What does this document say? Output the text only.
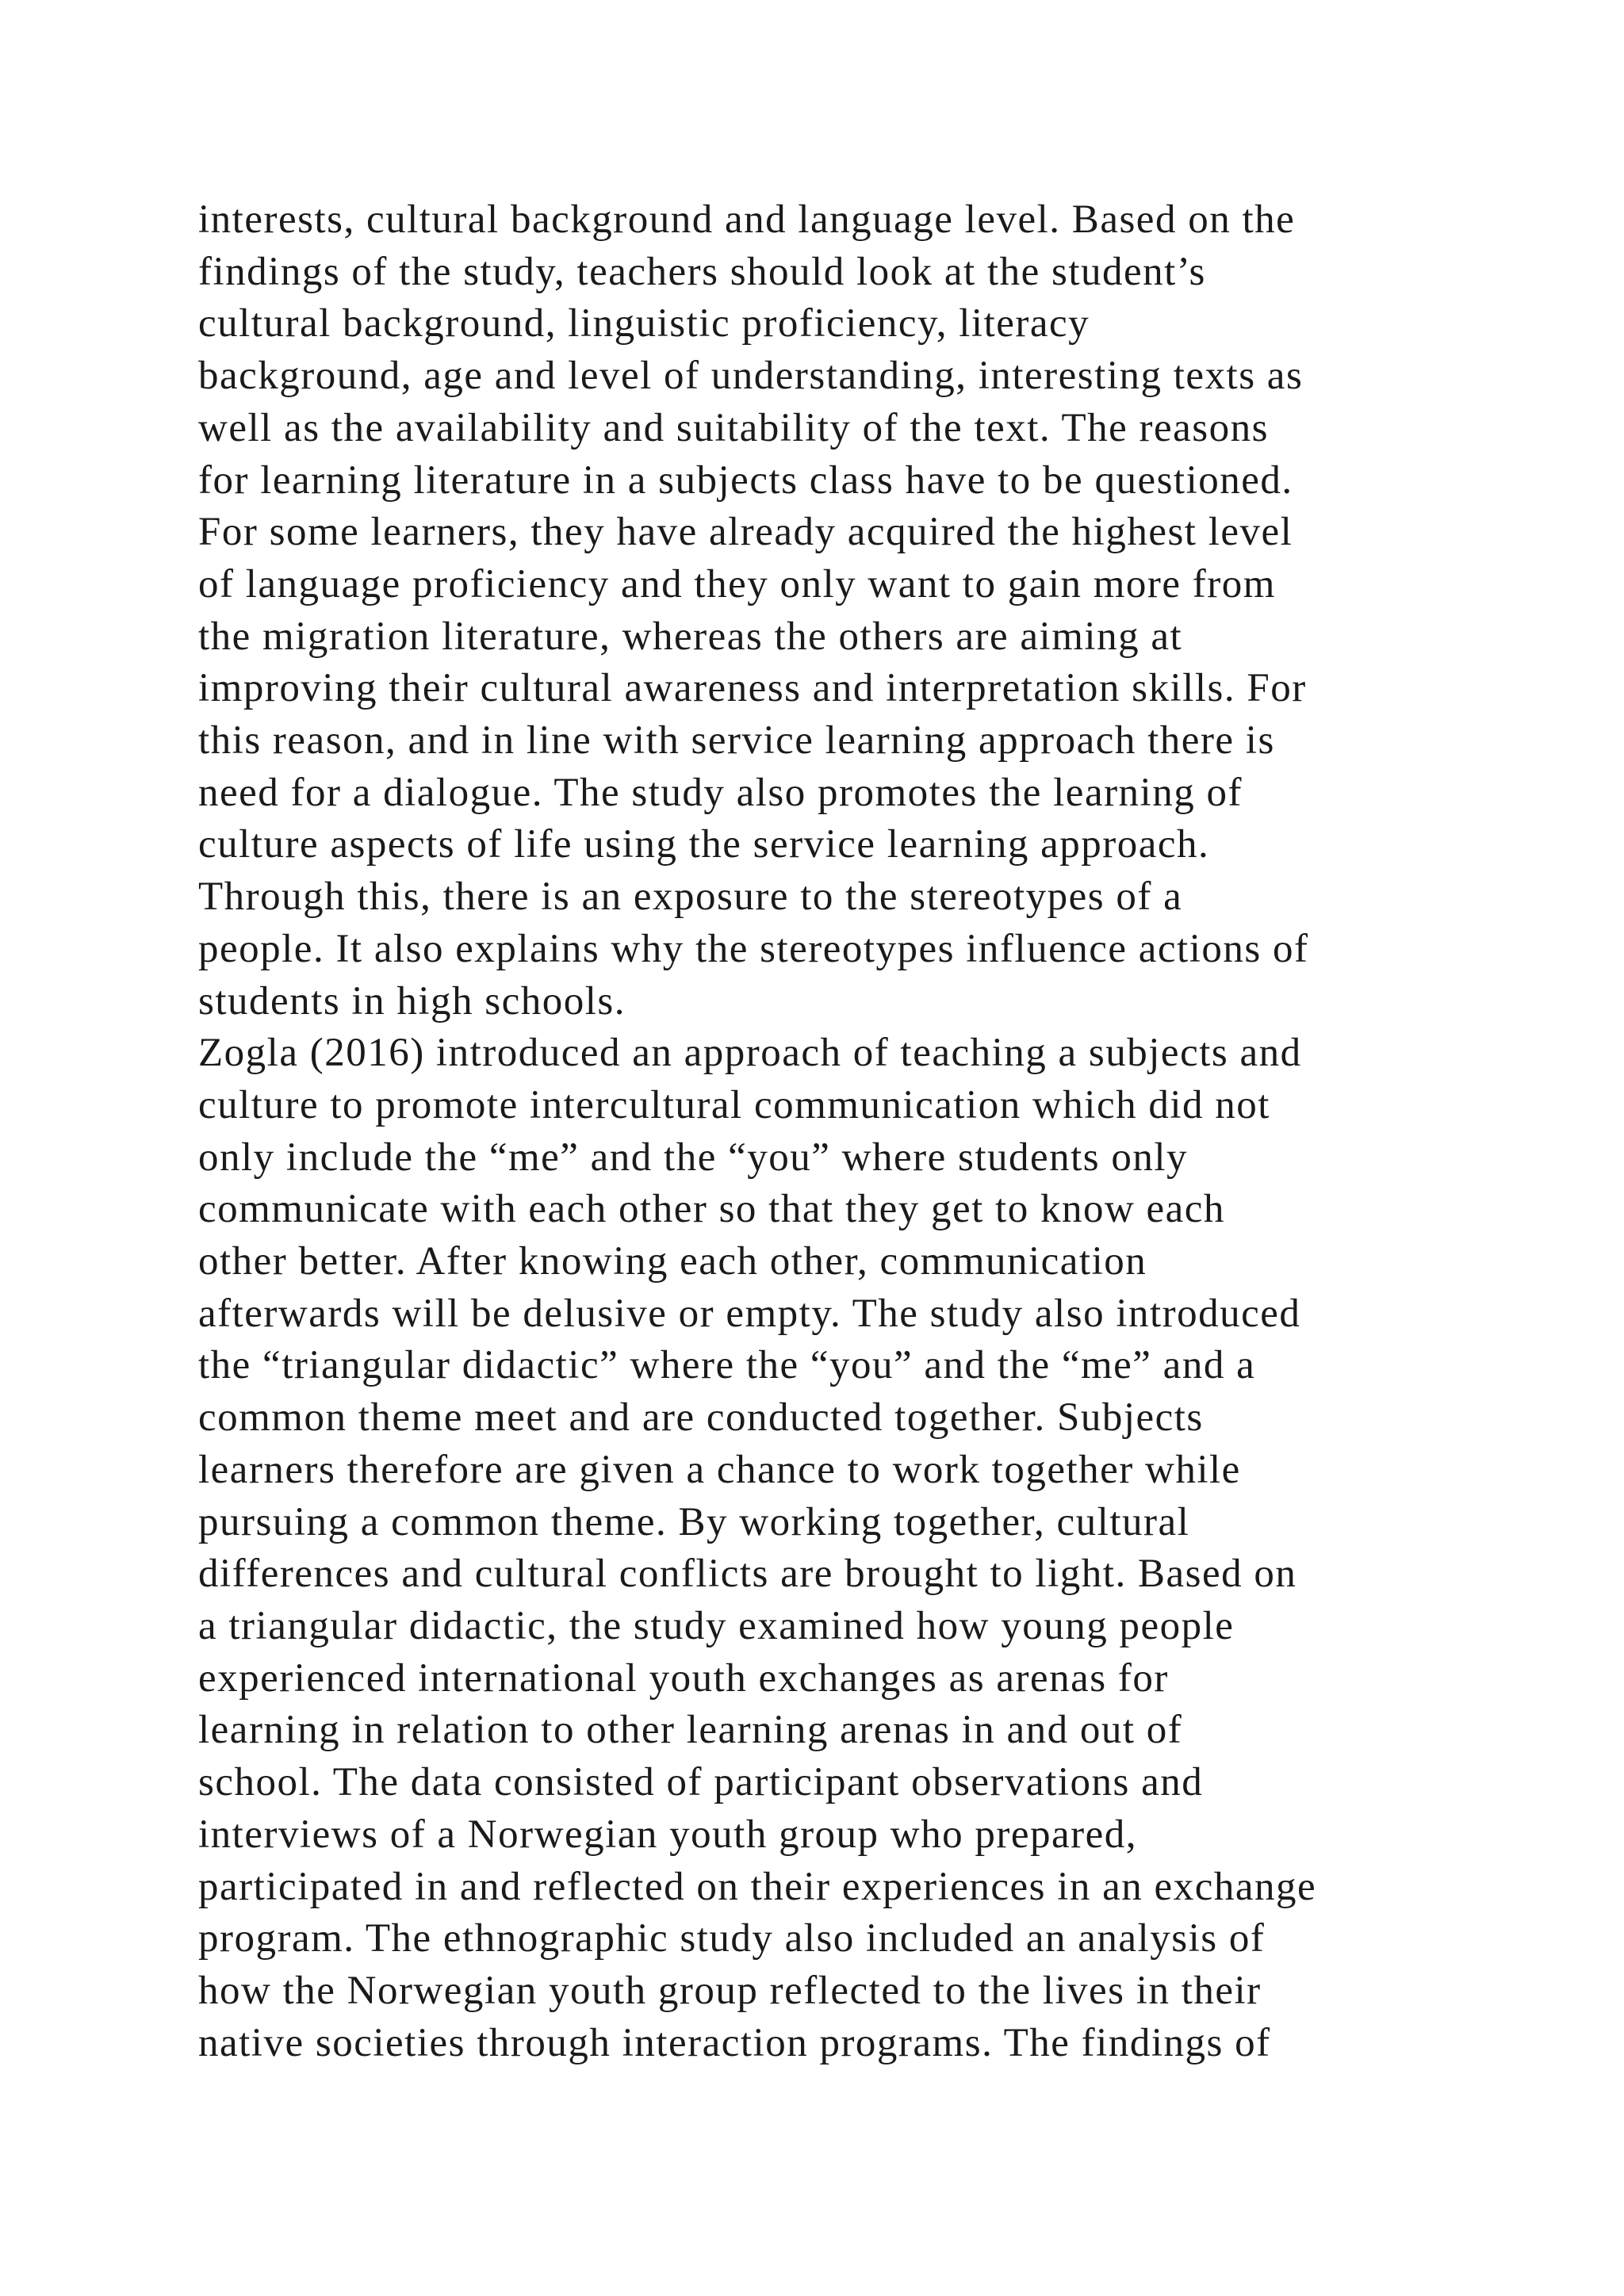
interests, cultural background and language level. Based on the
findings of the study, teachers should look at the student’s
cultural background, linguistic proficiency, literacy
background, age and level of understanding, interesting texts as
well as the availability and suitability of the text. The reasons
for learning literature in a subjects class have to be questioned.
For some learners, they have already acquired the highest level
of language proficiency and they only want to gain more from
the migration literature, whereas the others are aiming at
improving their cultural awareness and interpretation skills. For
this reason, and in line with service learning approach there is
need for a dialogue. The study also promotes the learning of
culture aspects of life using the service learning approach.
Through this, there is an exposure to the stereotypes of a
people. It also explains why the stereotypes influence actions of
students in high schools.
Zogla (2016) introduced an approach of teaching a subjects and
culture to promote intercultural communication which did not
only include the “me” and the “you” where students only
communicate with each other so that they get to know each
other better. After knowing each other, communication
afterwards will be delusive or empty. The study also introduced
the “triangular didactic” where the “you” and the “me” and a
common theme meet and are conducted together. Subjects
learners therefore are given a chance to work together while
pursuing a common theme. By working together, cultural
differences and cultural conflicts are brought to light. Based on
a triangular didactic, the study examined how young people
experienced international youth exchanges as arenas for
learning in relation to other learning arenas in and out of
school. The data consisted of participant observations and
interviews of a Norwegian youth group who prepared,
participated in and reflected on their experiences in an exchange
program. The ethnographic study also included an analysis of
how the Norwegian youth group reflected to the lives in their
native societies through interaction programs. The findings of
